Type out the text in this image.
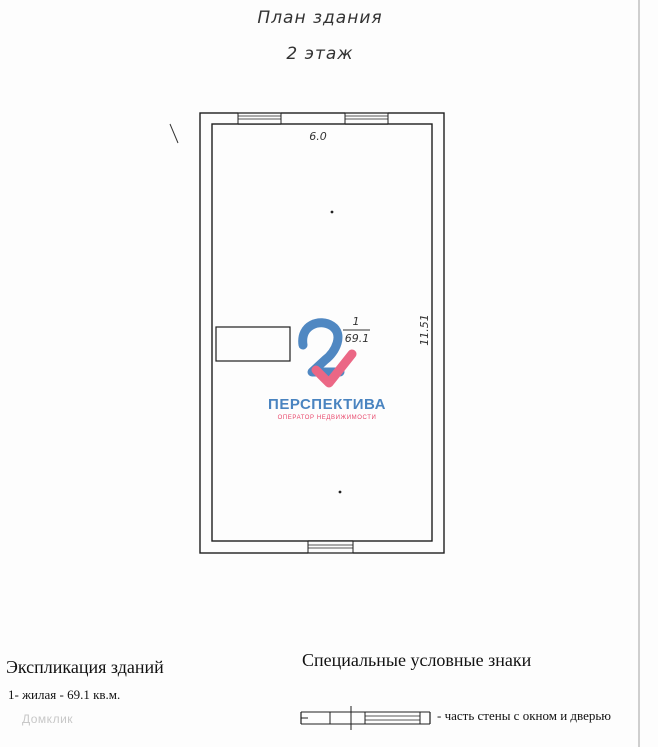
План здания
2 этаж
6.0
11.51
1
69.1
ПЕРСПЕКТИВА
ОПЕРАТОР НЕДВИЖИМОСТИ
Экспликация зданий
1- жилая - 69.1 кв.м.
Специальные условные знаки
- часть стены с окном и дверью
Домклик
